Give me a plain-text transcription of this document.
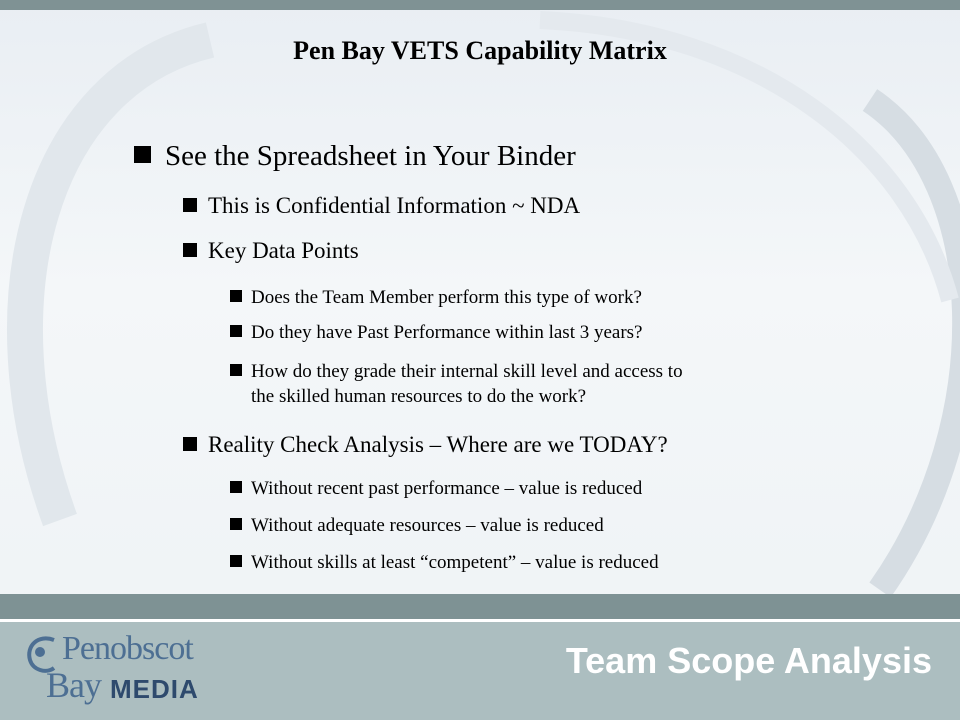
Pen Bay VETS Capability Matrix
See the Spreadsheet in Your Binder
This is Confidential Information ~ NDA
Key Data Points
Does the Team Member perform this type of work?
Do they have Past Performance within last 3 years?
How do they grade their internal skill level and access to
the skilled human resources to do the work?
Reality Check Analysis – Where are we TODAY?
Without recent past performance – value is reduced
Without adequate resources – value is reduced
Without skills at least “competent” – value is reduced
Penobscot
Bay MEDIA
Team Scope Analysis
